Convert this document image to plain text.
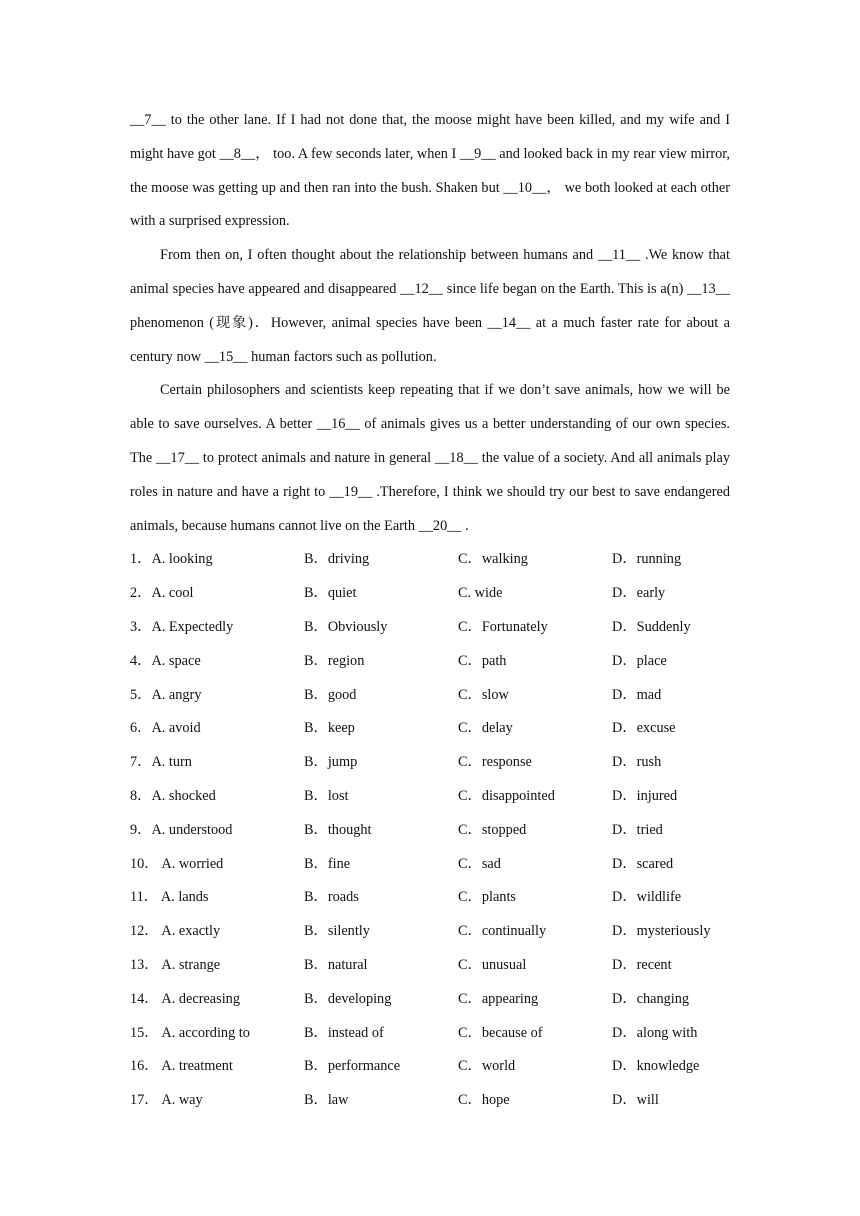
__7__ to the other lane. If I had not done that, the moose might have been killed, and my wife and I might have got __8__， too. A few seconds later, when I __9__ and looked back in my rear view mirror, the moose was getting up and then ran into the bush. Shaken but __10__， we both looked at each other with a surprised expression.

From then on, I often thought about the relationship between humans and __11__ .We know that animal species have appeared and disappeared __12__ since life began on the Earth. This is a(n) __13__ phenomenon (现象)．However, animal species have been __14__ at a much faster rate for about a century now __15__ human factors such as pollution.

Certain philosophers and scientists keep repeating that if we don’t save animals, how we will be able to save ourselves. A better __16__ of animals gives us a better understanding of our own species. The __17__ to protect animals and nature in general __18__ the value of a society. And all animals play roles in nature and have a right to __19__ .Therefore, I think we should try our best to save endangered animals, because humans cannot live on the Earth __20__ .

1．A. looking	B．driving	C．walking	D．running
2．A. cool	B．quiet	C. wide	D．early
3．A. Expectedly	B．Obviously	C．Fortunately	D．Suddenly
4．A. space	B．region	C．path	D．place
5．A. angry	B．good	C．slow	D．mad
6．A. avoid	B．keep	C．delay	D．excuse
7．A. turn	B．jump	C．response	D．rush
8．A. shocked	B．lost	C．disappointed	D．injured
9．A. understood	B．thought	C．stopped	D．tried
10． A. worried	B．fine	C．sad	D．scared
11． A. lands	B．roads	C．plants	D．wildlife
12． A. exactly	B．silently	C．continually	D．mysteriously
13． A. strange	B．natural	C．unusual	D．recent
14． A. decreasing	B．developing	C．appearing	D．changing
15． A. according to	B．instead of	C．because of	D．along with
16． A. treatment	B．performance	C．world	D．knowledge
17． A. way	B．law	C．hope	D．will
